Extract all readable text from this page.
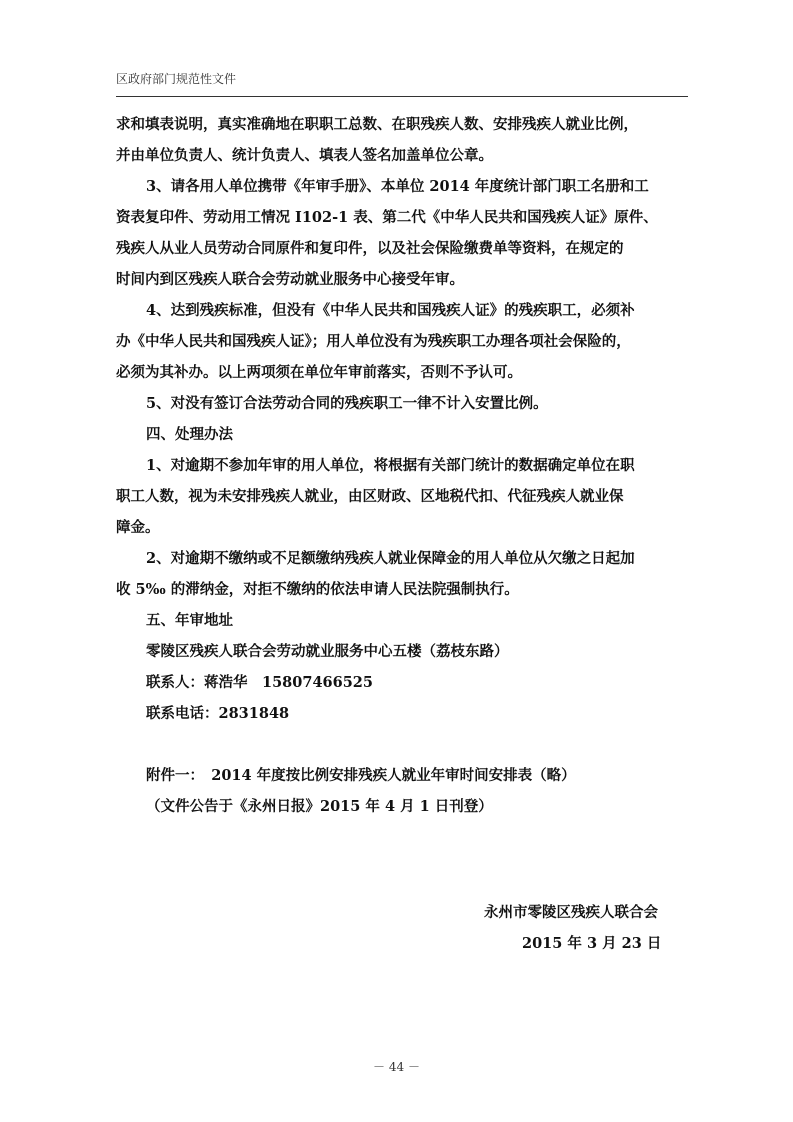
区政府部门规范性文件
求和填表说明，真实准确地在职职工总数、在职残疾人数、安排残疾人就业比例，
并由单位负责人、统计负责人、填表人签名加盖单位公章。
3、请各用人单位携带《年审手册》、本单位 2014 年度统计部门职工名册和工
资表复印件、劳动用工情况 I102-1 表、第二代《中华人民共和国残疾人证》原件、
残疾人从业人员劳动合同原件和复印件，以及社会保险缴费单等资料，在规定的
时间内到区残疾人联合会劳动就业服务中心接受年审。
4、达到残疾标准，但没有《中华人民共和国残疾人证》的残疾职工，必须补
办《中华人民共和国残疾人证》；用人单位没有为残疾职工办理各项社会保险的，
必须为其补办。以上两项须在单位年审前落实，否则不予认可。
5、对没有签订合法劳动合同的残疾职工一律不计入安置比例。
四、处理办法
1、对逾期不参加年审的用人单位，将根据有关部门统计的数据确定单位在职
职工人数，视为未安排残疾人就业，由区财政、区地税代扣、代征残疾人就业保
障金。
2、对逾期不缴纳或不足额缴纳残疾人就业保障金的用人单位从欠缴之日起加
收 5‰ 的滞纳金，对拒不缴纳的依法申请人民法院强制执行。
五、年审地址
零陵区残疾人联合会劳动就业服务中心五楼（荔枝东路）
联系人：蒋浩华　15807466525
联系电话：2831848
附件一：　2014 年度按比例安排残疾人就业年审时间安排表（略）
（文件公告于《永州日报》2015 年 4 月 1 日刊登）
永州市零陵区残疾人联合会
2015 年 3 月 23 日
－ 44 －
